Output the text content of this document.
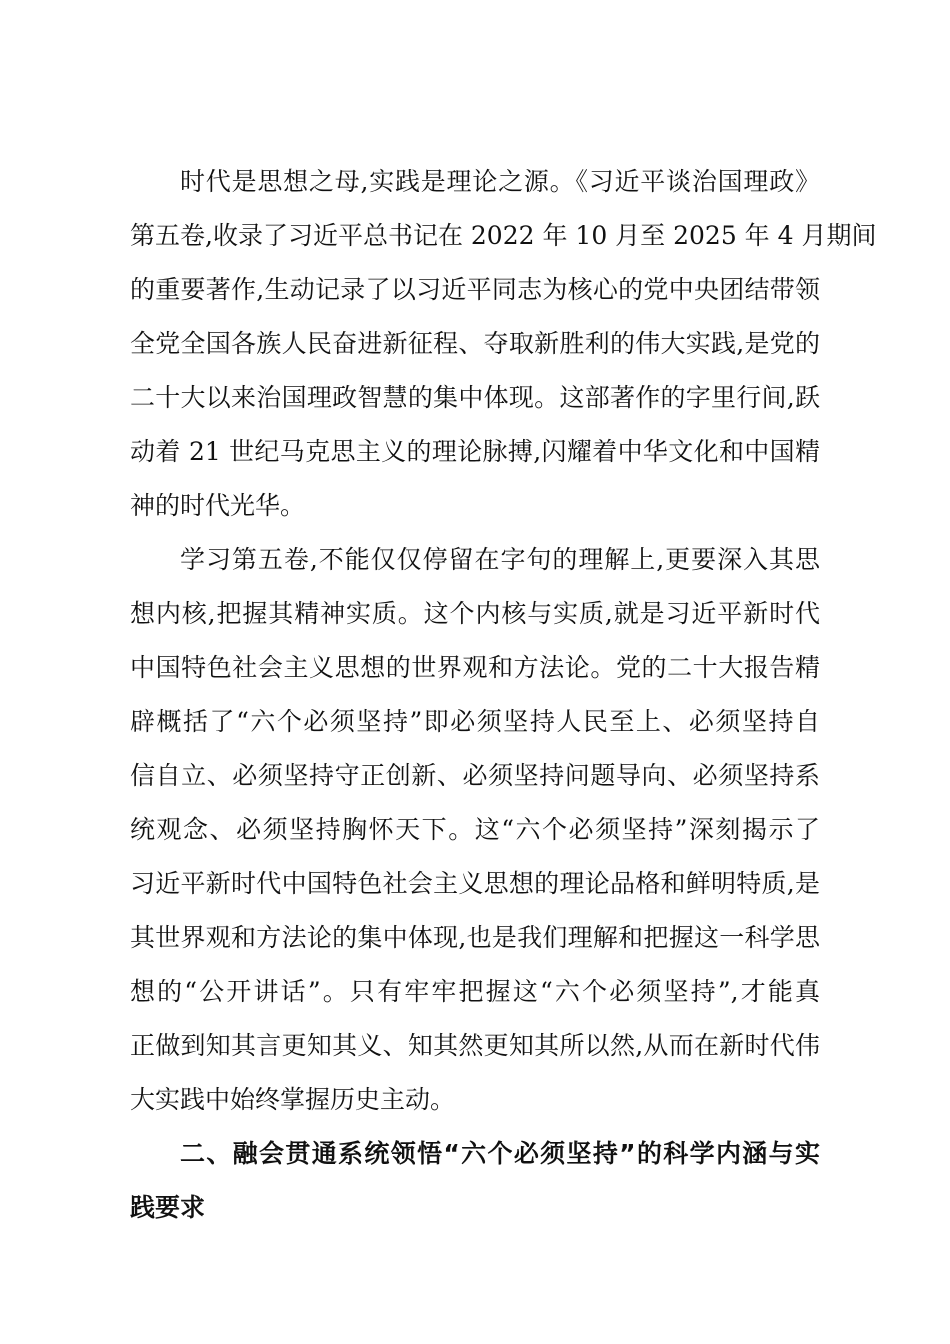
时代是思想之母,实践是理论之源。《习近平谈治国理政》
第五卷,收录了习近平总书记在 2022 年 10 月至 2025 年 4 月期间
的重要著作,生动记录了以习近平同志为核心的党中央团结带领
全党全国各族人民奋进新征程、夺取新胜利的伟大实践,是党的
二十大以来治国理政智慧的集中体现。这部著作的字里行间,跃
动着 21 世纪马克思主义的理论脉搏,闪耀着中华文化和中国精
神的时代光华。
学习第五卷,不能仅仅停留在字句的理解上,更要深入其思
想内核,把握其精神实质。这个内核与实质,就是习近平新时代
中国特色社会主义思想的世界观和方法论。党的二十大报告精
辟概括了“六个必须坚持”即必须坚持人民至上、必须坚持自
信自立、必须坚持守正创新、必须坚持问题导向、必须坚持系
统观念、必须坚持胸怀天下。这“六个必须坚持”深刻揭示了
习近平新时代中国特色社会主义思想的理论品格和鲜明特质,是
其世界观和方法论的集中体现,也是我们理解和把握这一科学思
想的“公开讲话”。只有牢牢把握这“六个必须坚持”,才能真
正做到知其言更知其义、知其然更知其所以然,从而在新时代伟
大实践中始终掌握历史主动。
二、融会贯通系统领悟“六个必须坚持”的科学内涵与实
践要求
